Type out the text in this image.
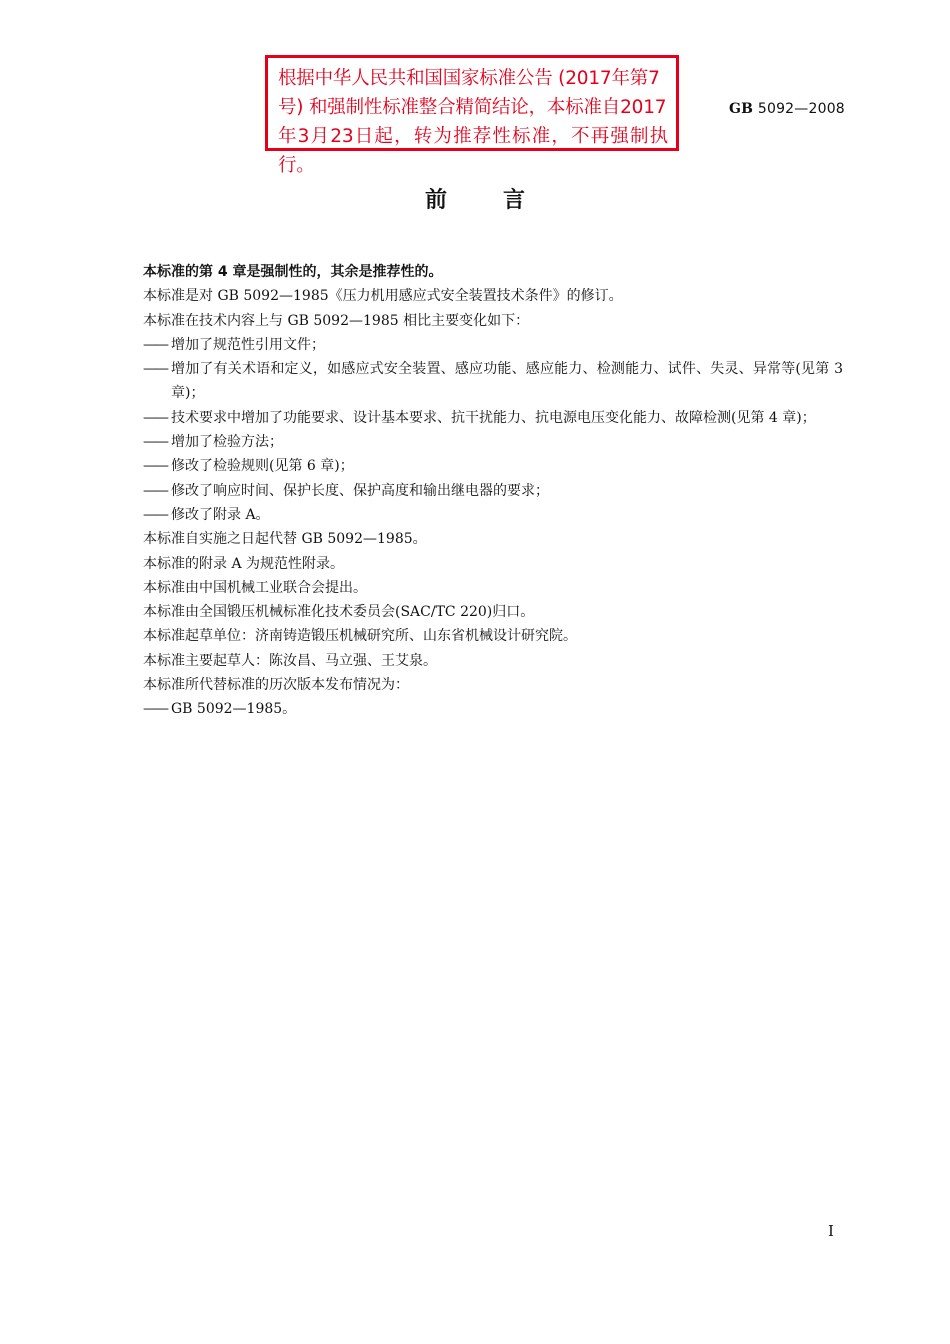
根据中华人民共和国国家标准公告 (2017年第7
号) 和强制性标准整合精简结论，本标准自2017
年3月23日起，转为推荐性标准，不再强制执行。
GB 5092—2008
前言
本标准的第 4 章是强制性的，其余是推荐性的。
本标准是对 GB 5092—1985《压力机用感应式安全装置技术条件》的修订。
本标准在技术内容上与 GB 5092—1985 相比主要变化如下：
—— 增加了规范性引用文件；
—— 增加了有关术语和定义，如感应式安全装置、感应功能、感应能力、检测能力、试件、失灵、异常等(见第 3 章)；
—— 技术要求中增加了功能要求、设计基本要求、抗干扰能力、抗电源电压变化能力、故障检测(见第 4 章)；
—— 增加了检验方法；
—— 修改了检验规则(见第 6 章)；
—— 修改了响应时间、保护长度、保护高度和输出继电器的要求；
—— 修改了附录 A。
本标准自实施之日起代替 GB 5092—1985。
本标准的附录 A 为规范性附录。
本标准由中国机械工业联合会提出。
本标准由全国锻压机械标准化技术委员会(SAC/TC 220)归口。
本标准起草单位：济南铸造锻压机械研究所、山东省机械设计研究院。
本标准主要起草人：陈汝昌、马立强、王艾泉。
本标准所代替标准的历次版本发布情况为：
—— GB 5092—1985。
I
